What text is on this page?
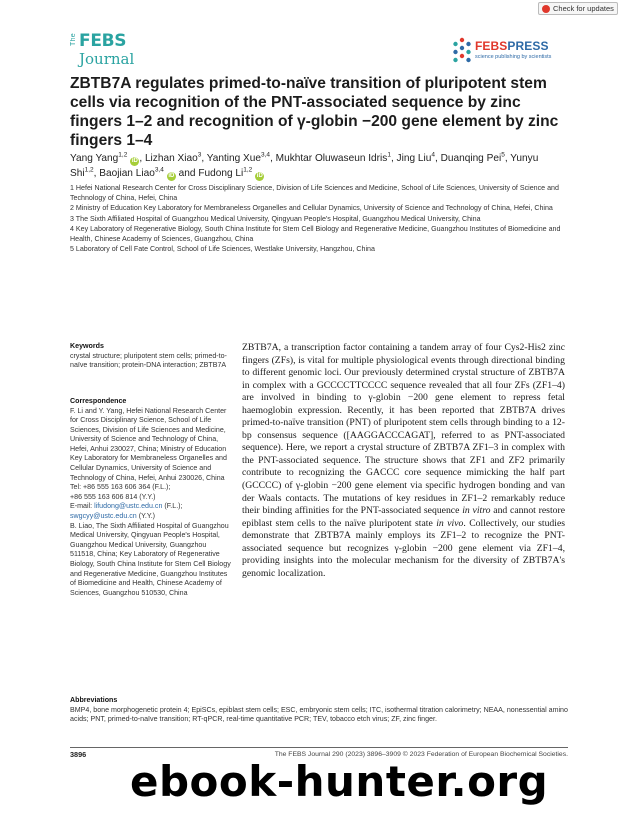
Check for updates
The FEBS
Journal
FEBSPRESS
science publishing by scientists
ZBTB7A regulates primed-to-naïve transition of pluripotent stem cells via recognition of the PNT-associated sequence by zinc fingers 1–2 and recognition of γ-globin −200 gene element by zinc fingers 1–4
Yang Yang$^{1,2}$iD , Lizhan Xiao$^3$, Yanting Xue$^{3,4}$, Mukhtar Oluwaseun Idris$^1$, Jing Liu$^4$, Duanqing Pei$^5$, Yunyu Shi$^{1,2}$, Baojian Liao$^{3,4}$iD and Fudong Li$^{1,2}$iD
1 Hefei National Research Center for Cross Disciplinary Science, Division of Life Sciences and Medicine, School of Life Sciences, University of Science and Technology of China, Hefei, China
2 Ministry of Education Key Laboratory for Membraneless Organelles and Cellular Dynamics, University of Science and Technology of China, Hefei, China
3 The Sixth Affiliated Hospital of Guangzhou Medical University, Qingyuan People's Hospital, Guangzhou Medical University, China
4 Key Laboratory of Regenerative Biology, South China Institute for Stem Cell Biology and Regenerative Medicine, Guangzhou Institutes of Biomedicine and Health, Chinese Academy of Sciences, Guangzhou, China
5 Laboratory of Cell Fate Control, School of Life Sciences, Westlake University, Hangzhou, China
Keywords
crystal structure; pluripotent stem cells; primed-to-naïve transition; protein-DNA interaction; ZBTB7A
Correspondence
F. Li and Y. Yang, Hefei National Research Center for Cross Disciplinary Science, School of Life Sciences, Division of Life Sciences and Medicine, University of Science and Technology of China, Hefei, Anhui 230027, China; Ministry of Education Key Laboratory for Membraneless Organelles and Cellular Dynamics, University of Science and Technology of China, Hefei, Anhui 230026, China
Tel: +86 555 163 606 364 (F.L.);
+86 555 163 606 814 (Y.Y.)
E-mail: lifudong@ustc.edu.cn (F.L.);
swgcyy@ustc.edu.cn (Y.Y.)
B. Liao, The Sixth Affiliated Hospital of Guangzhou Medical University, Qingyuan People's Hospital, Guangzhou Medical University, Guangzhou 511518, China; Key Laboratory of Regenerative Biology, South China Institute for Stem Cell Biology and Regenerative Medicine, Guangzhou Institutes of Biomedicine and Health, Chinese Academy of Sciences, Guangzhou 510530, China
ZBTB7A, a transcription factor containing a tandem array of four Cys2-His2 zinc fingers (ZFs), is vital for multiple physiological events through directional binding to different genomic loci. Our previously determined crystal structure of ZBTB7A in complex with a GCCCCTTCCCC sequence revealed that all four ZFs (ZF1–4) are involved in binding to γ-globin −200 gene element to repress fetal haemoglobin expression. Recently, it has been reported that ZBTB7A drives primed-to-naïve transition (PNT) of pluripotent stem cells through binding to a 12-bp consensus sequence ([AAGGACCCAGAT], referred to as PNT-associated sequence). Here, we report a crystal structure of ZBTB7A ZF1–3 in complex with the PNT-associated sequence. The structure shows that ZF1 and ZF2 primarily contribute to recognizing the GACCC core sequence mimicking the half part (GCCCC) of γ-globin −200 gene element via specific hydrogen bonding and van der Waals contacts. The mutations of key residues in ZF1–2 remarkably reduce their binding affinities for the PNT-associated sequence in vitro and cannot restore epiblast stem cells to the naïve pluripotent state in vivo. Collectively, our studies demonstrate that ZBTB7A mainly employs its ZF1–2 to recognize the PNT-associated sequence but recognizes γ-globin −200 gene element via ZF1–4, providing insights into the molecular mechanism for the diversity of ZBTB7A's genomic localization.
Abbreviations
BMP4, bone morphogenetic protein 4; EpiSCs, epiblast stem cells; ESC, embryonic stem cells; ITC, isothermal titration calorimetry; NEAA, nonessential amino acids; PNT, primed-to-naïve transition; RT-qPCR, real-time quantitative PCR; TEV, tobacco etch virus; ZF, zinc finger.
3896	The FEBS Journal 290 (2023) 3896–3909 © 2023 Federation of European Biochemical Societies.
ebook-hunter.org
